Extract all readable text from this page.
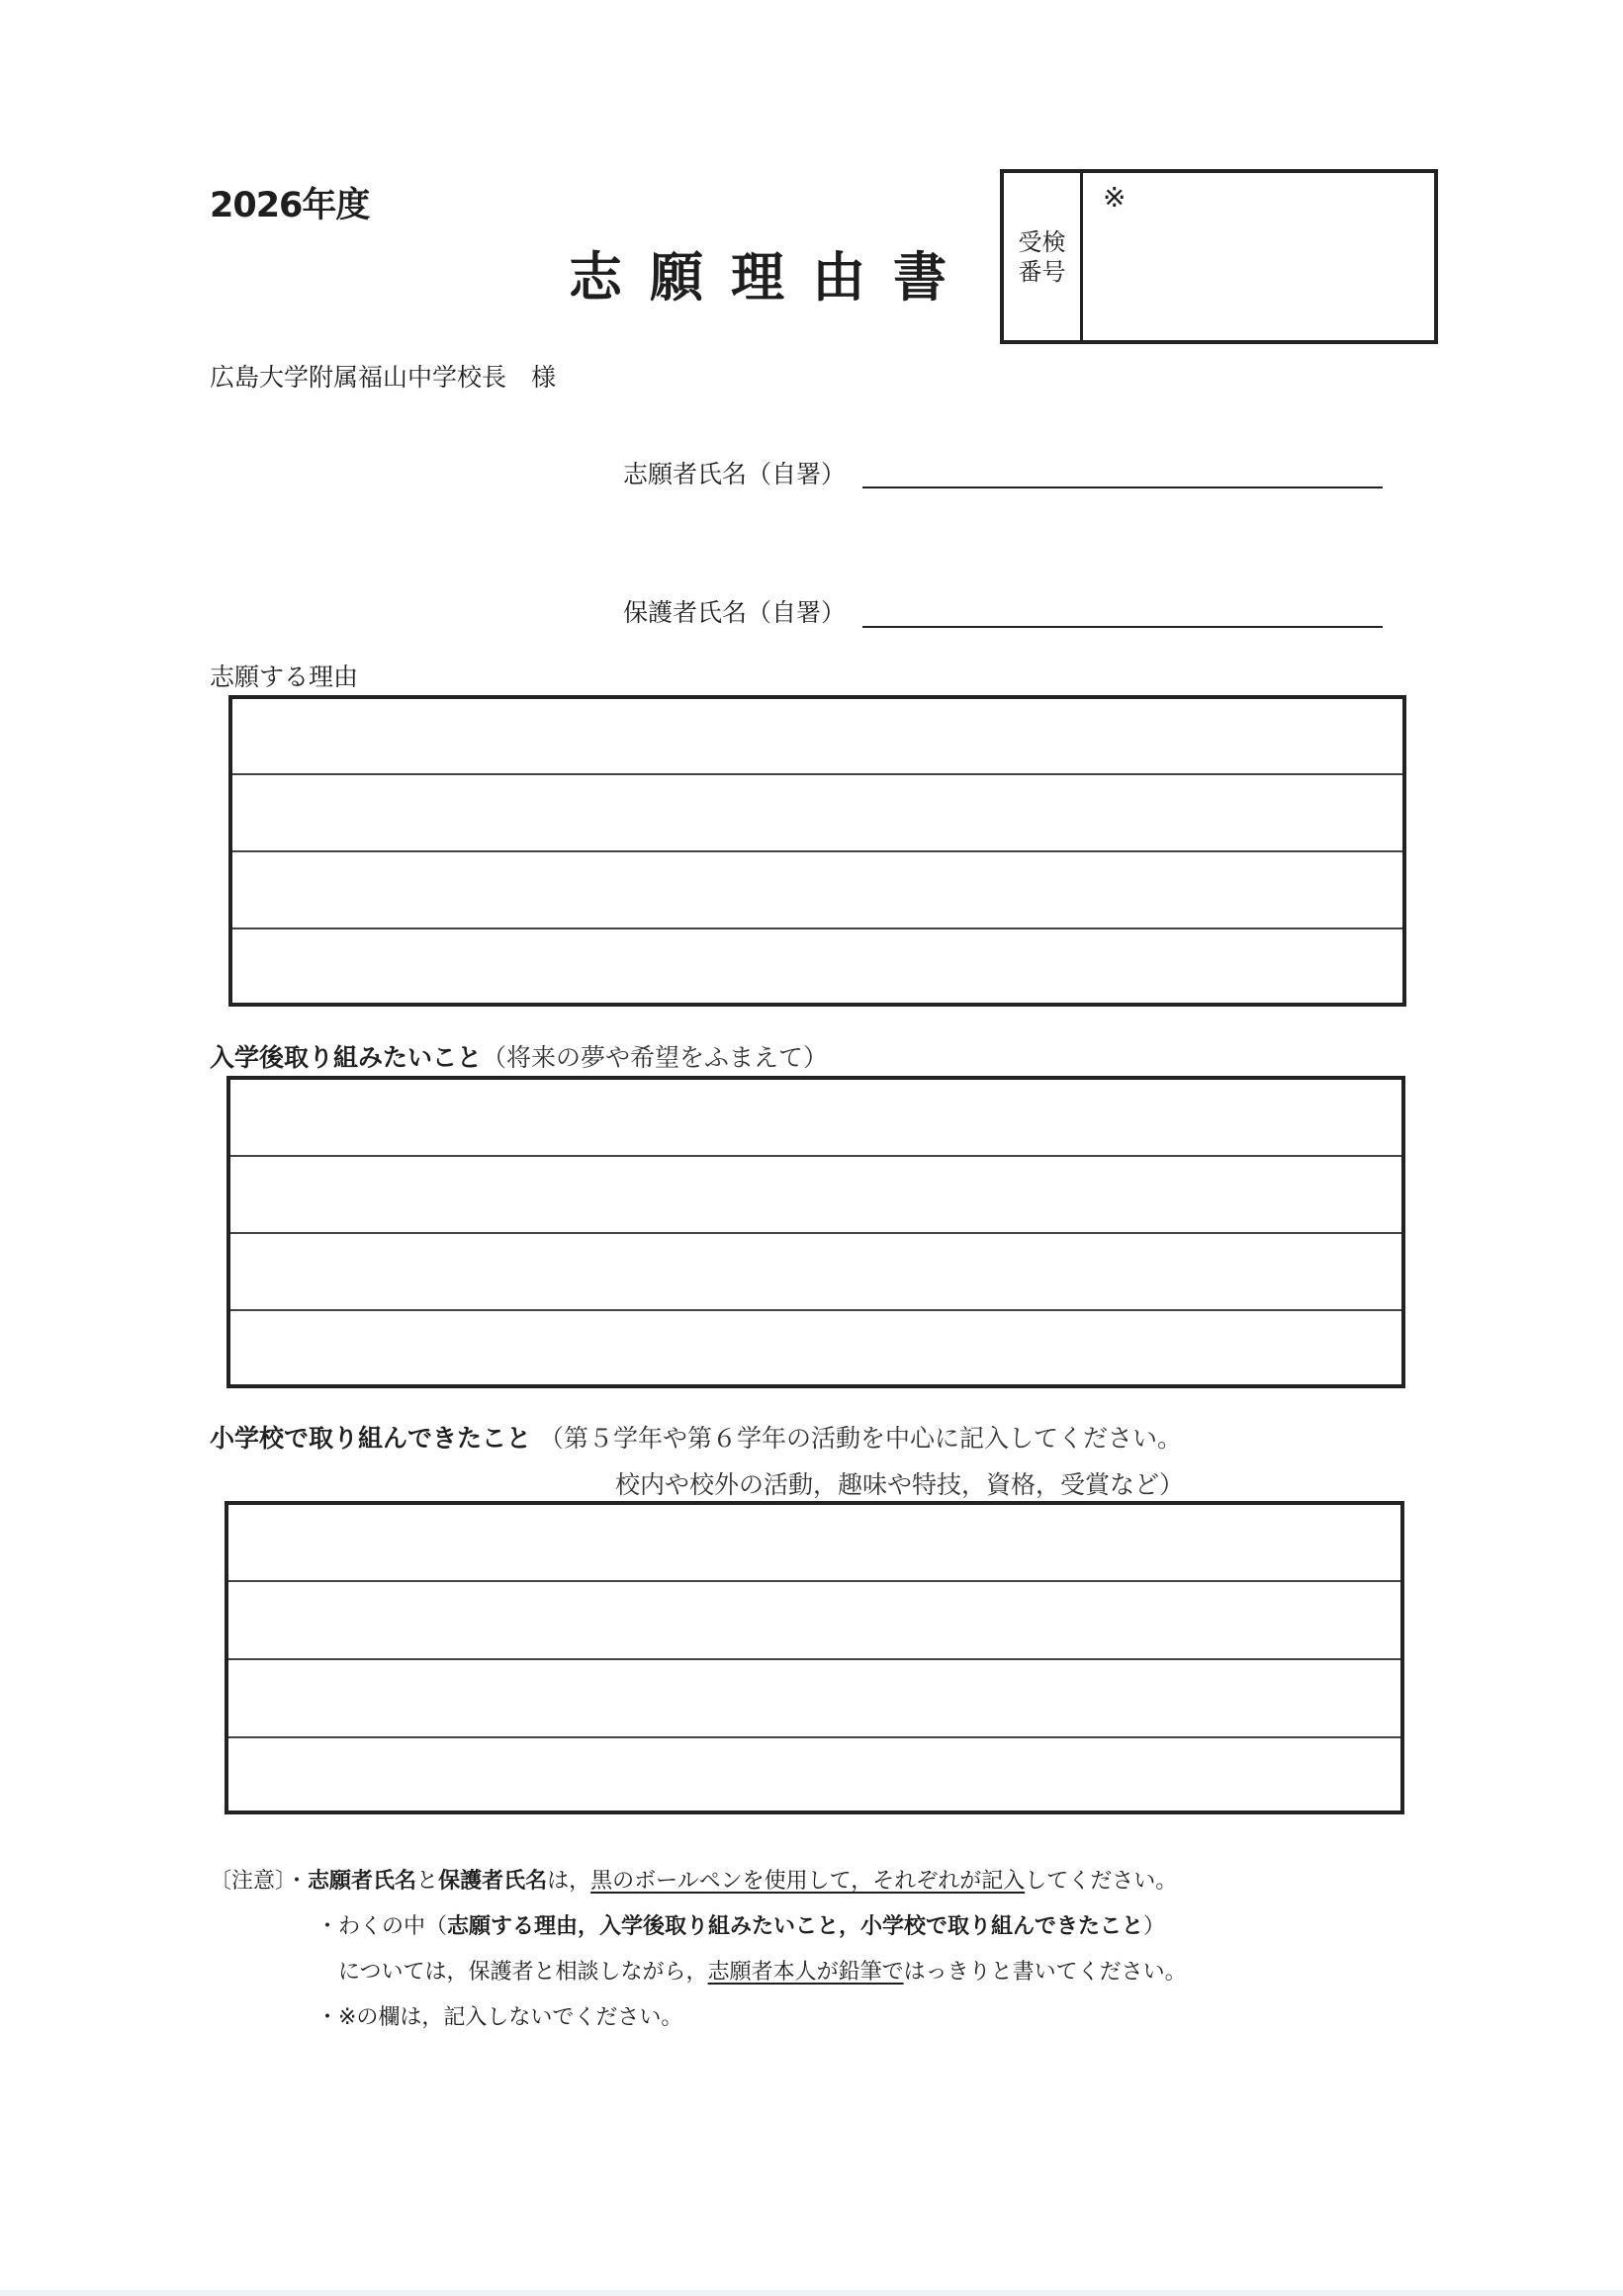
2026年度
志願理由書
受検番号
※
広島大学附属福山中学校長　様
志願者氏名（自署）
保護者氏名（自署）
志願する理由
入学後取り組みたいこと（将来の夢や希望をふまえて）
小学校で取り組んできたこと （第５学年や第６学年の活動を中心に記入してください。
校内や校外の活動，趣味や特技，資格，受賞など）
〔注意〕・志願者氏名と保護者氏名は，黒のボールペンを使用して，それぞれが記入してください。
・わくの中（志願する理由，入学後取り組みたいこと，小学校で取り組んできたこと）
については，保護者と相談しながら，志願者本人が鉛筆ではっきりと書いてください。
・※の欄は，記入しないでください。
